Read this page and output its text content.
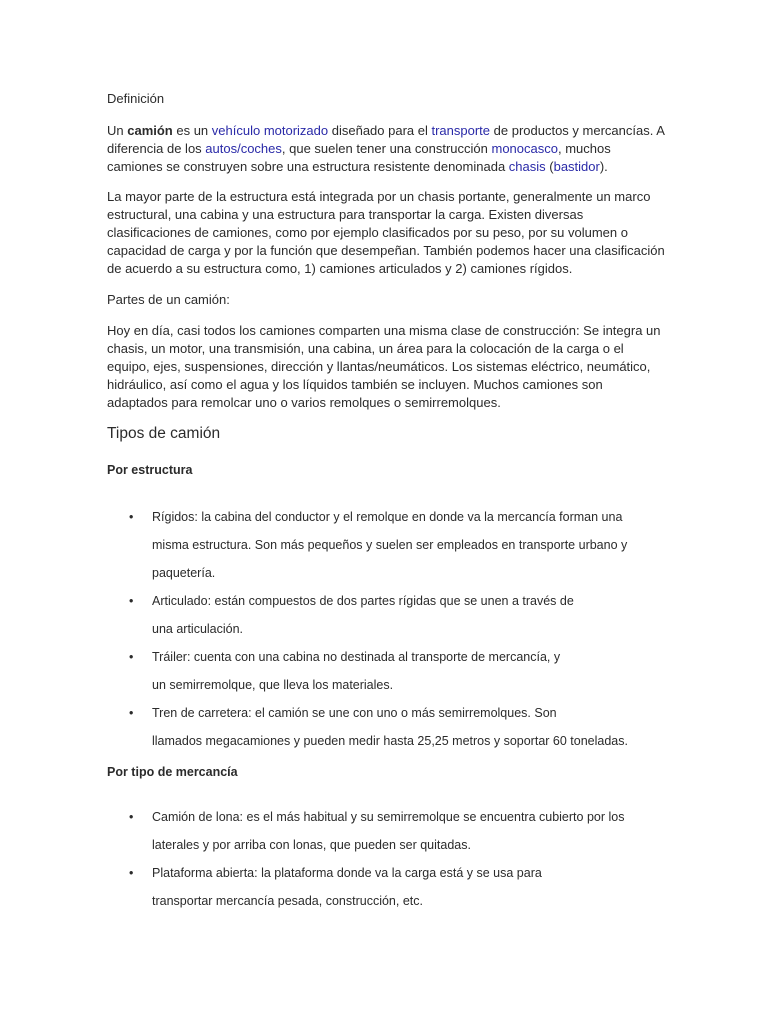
Definición

Un camión es un vehículo motorizado diseñado para el transporte de productos y mercancías. A diferencia de los autos/coches, que suelen tener una construcción monocasco, muchos camiones se construyen sobre una estructura resistente denominada chasis (bastidor).

La mayor parte de la estructura está integrada por un chasis portante, generalmente un marco estructural, una cabina y una estructura para transportar la carga. Existen diversas clasificaciones de camiones, como por ejemplo clasificados por su peso, por su volumen o capacidad de carga y por la función que desempeñan. También podemos hacer una clasificación de acuerdo a su estructura como, 1) camiones articulados y 2) camiones rígidos.

Partes de un camión:

Hoy en día, casi todos los camiones comparten una misma clase de construcción: Se integra un chasis, un motor, una transmisión, una cabina, un área para la colocación de la carga o el equipo, ejes, suspensiones, dirección y llantas/neumáticos. Los sistemas eléctrico, neumático, hidráulico, así como el agua y los líquidos también se incluyen. Muchos camiones son adaptados para remolcar uno o varios remolques o semirremolques.

Tipos de camión
Por estructura
• Rígidos: la cabina del conductor y el remolque en donde va la mercancía forman una
misma estructura. Son más pequeños y suelen ser empleados en transporte urbano y
paquetería.
• Articulado: están compuestos de dos partes rígidas que se unen a través de
una articulación.
• Tráiler: cuenta con una cabina no destinada al transporte de mercancía, y
un semirremolque, que lleva los materiales.
• Tren de carretera: el camión se une con uno o más semirremolques. Son
llamados megacamiones y pueden medir hasta 25,25 metros y soportar 60 toneladas.
Por tipo de mercancía
• Camión de lona: es el más habitual y su semirremolque se encuentra cubierto por los
laterales y por arriba con lonas, que pueden ser quitadas.
• Plataforma abierta: la plataforma donde va la carga está y se usa para
transportar mercancía pesada, construcción, etc.
